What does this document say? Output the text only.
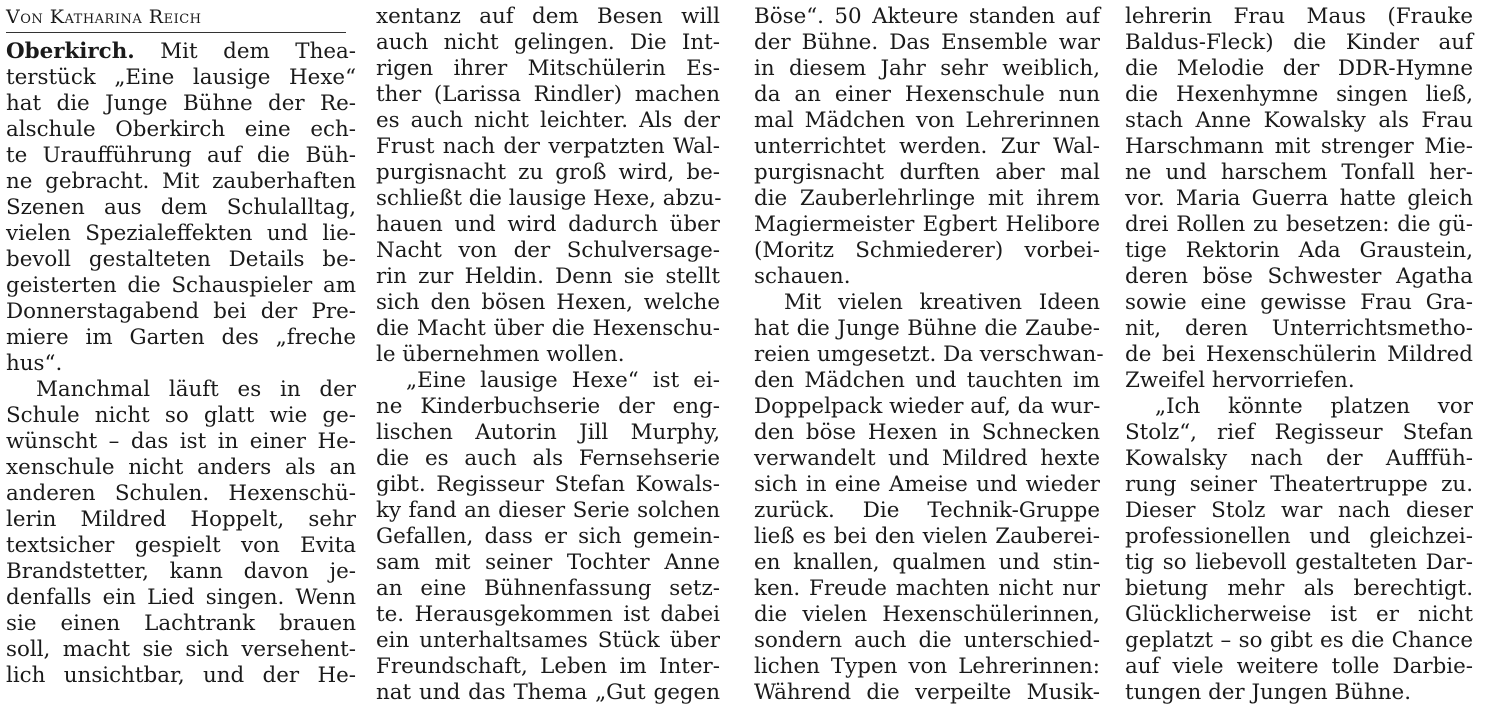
Von Katharina Reich
Oberkirch. Mit dem Thea-
terstück „Eine lausige Hexe“
hat die Junge Bühne der Re-
alschule Oberkirch eine ech-
te Uraufführung auf die Büh-
ne gebracht. Mit zauberhaften
Szenen aus dem Schulalltag,
vielen Spezialeffekten und lie-
bevoll gestalteten Details be-
geisterten die Schauspieler am
Donnerstagabend bei der Pre-
miere im Garten des „freche
hus“.
Manchmal läuft es in der
Schule nicht so glatt wie ge-
wünscht – das ist in einer He-
xenschule nicht anders als an
anderen Schulen. Hexenschü-
lerin Mildred Hoppelt, sehr
textsicher gespielt von Evita
Brandstetter, kann davon je-
denfalls ein Lied singen. Wenn
sie einen Lachtrank brauen
soll, macht sie sich versehent-
lich unsichtbar, und der He-
xentanz auf dem Besen will
auch nicht gelingen. Die Int-
rigen ihrer Mitschülerin Es-
ther (Larissa Rindler) machen
es auch nicht leichter. Als der
Frust nach der verpatzten Wal-
purgisnacht zu groß wird, be-
schließt die lausige Hexe, abzu-
hauen und wird dadurch über
Nacht von der Schulversage-
rin zur Heldin. Denn sie stellt
sich den bösen Hexen, welche
die Macht über die Hexenschu-
le übernehmen wollen.
„Eine lausige Hexe“ ist ei-
ne Kinderbuchserie der eng-
lischen Autorin Jill Murphy,
die es auch als Fernsehserie
gibt. Regisseur Stefan Kowals-
ky fand an dieser Serie solchen
Gefallen, dass er sich gemein-
sam mit seiner Tochter Anne
an eine Bühnenfassung setz-
te. Herausgekommen ist dabei
ein unterhaltsames Stück über
Freundschaft, Leben im Inter-
nat und das Thema „Gut gegen
Böse“. 50 Akteure standen auf
der Bühne. Das Ensemble war
in diesem Jahr sehr weiblich,
da an einer Hexenschule nun
mal Mädchen von Lehrerinnen
unterrichtet werden. Zur Wal-
purgisnacht durften aber mal
die Zauberlehrlinge mit ihrem
Magiermeister Egbert Helibore
(Moritz Schmiederer) vorbei-
schauen.
Mit vielen kreativen Ideen
hat die Junge Bühne die Zaube-
reien umgesetzt. Da verschwan-
den Mädchen und tauchten im
Doppelpack wieder auf, da wur-
den böse Hexen in Schnecken
verwandelt und Mildred hexte
sich in eine Ameise und wieder
zurück. Die Technik-Gruppe
ließ es bei den vielen Zauberei-
en knallen, qualmen und stin-
ken. Freude machten nicht nur
die vielen Hexenschülerinnen,
sondern auch die unterschied-
lichen Typen von Lehrerinnen:
Während die verpeilte Musik-
lehrerin Frau Maus (Frauke
Baldus-Fleck) die Kinder auf
die Melodie der DDR-Hymne
die Hexenhymne singen ließ,
stach Anne Kowalsky als Frau
Harschmann mit strenger Mie-
ne und harschem Tonfall her-
vor. Maria Guerra hatte gleich
drei Rollen zu besetzen: die gü-
tige Rektorin Ada Graustein,
deren böse Schwester Agatha
sowie eine gewisse Frau Gra-
nit, deren Unterrichtsmetho-
de bei Hexenschülerin Mildred
Zweifel hervorriefen.
„Ich könnte platzen vor
Stolz“, rief Regisseur Stefan
Kowalsky nach der Aufffüh-
rung seiner Theatertruppe zu.
Dieser Stolz war nach dieser
professionellen und gleichzei-
tig so liebevoll gestalteten Dar-
bietung mehr als berechtigt.
Glücklicherweise ist er nicht
geplatzt – so gibt es die Chance
auf viele weitere tolle Darbie-
tungen der Jungen Bühne.
